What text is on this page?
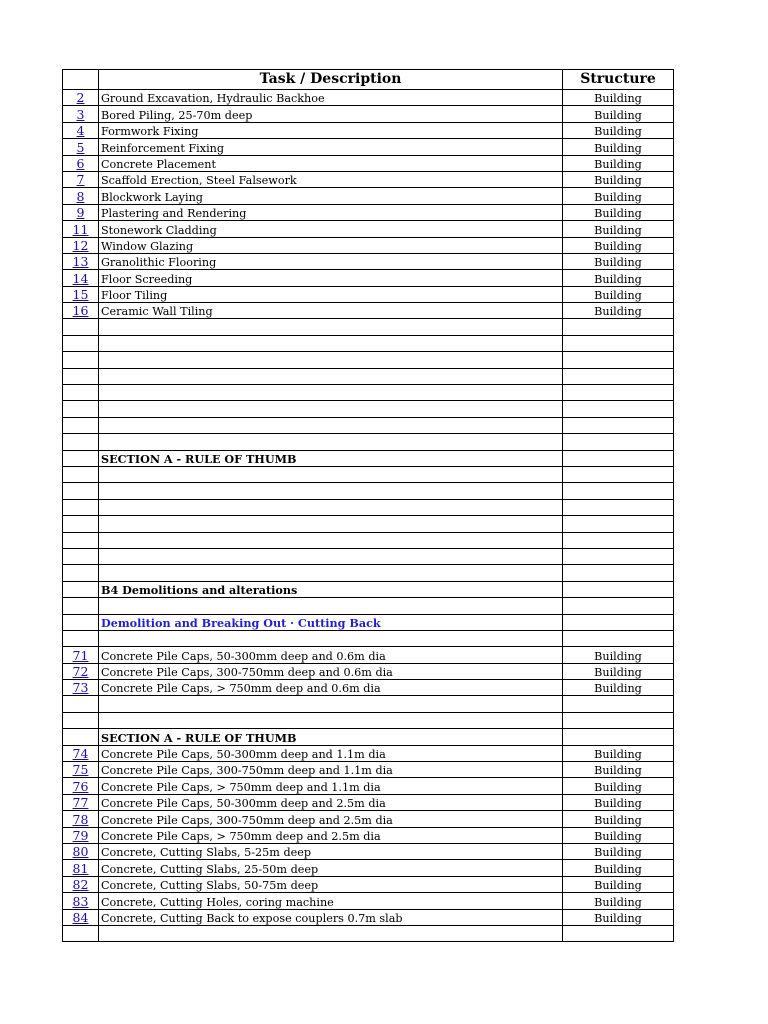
	Task / Description	Structure
2	Ground Excavation, Hydraulic Backhoe	Building
3	Bored Piling, 25-70m deep	Building
4	Formwork Fixing	Building
5	Reinforcement Fixing	Building
6	Concrete Placement	Building
7	Scaffold Erection, Steel Falsework	Building
8	Blockwork Laying	Building
9	Plastering and Rendering	Building
11	Stonework Cladding	Building
12	Window Glazing	Building
13	Granolithic Flooring	Building
14	Floor Screeding	Building
15	Floor Tiling	Building
16	Ceramic Wall Tiling	Building

	SECTION A - RULE OF THUMB	

	B4 Demolitions and alterations	

	Demolition and Breaking Out · Cutting Back	

71	Concrete Pile Caps, 50-300mm deep and 0.6m dia	Building
72	Concrete Pile Caps, 300-750mm deep and 0.6m dia	Building
73	Concrete Pile Caps, > 750mm deep and 0.6m dia	Building

	SECTION A - RULE OF THUMB	
74	Concrete Pile Caps, 50-300mm deep and 1.1m dia	Building
75	Concrete Pile Caps, 300-750mm deep and 1.1m dia	Building
76	Concrete Pile Caps, > 750mm deep and 1.1m dia	Building
77	Concrete Pile Caps, 50-300mm deep and 2.5m dia	Building
78	Concrete Pile Caps, 300-750mm deep and 2.5m dia	Building
79	Concrete Pile Caps, > 750mm deep and 2.5m dia	Building
80	Concrete, Cutting Slabs, 5-25m deep	Building
81	Concrete, Cutting Slabs, 25-50m deep	Building
82	Concrete, Cutting Slabs, 50-75m deep	Building
83	Concrete, Cutting Holes, coring machine	Building
84	Concrete, Cutting Back to expose couplers 0.7m slab	Building
